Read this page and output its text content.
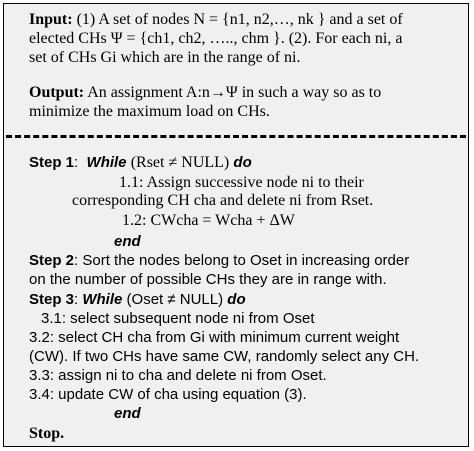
Input: (1) A set of nodes N = {n1, n2,…, nk } and a set of
elected CHs Ψ = {ch1, ch2, ….., chm }. (2). For each ni, a
set of CHs Gi which are in the range of ni.
Output: An assignment A:n→Ψ in such a way so as to
minimize the maximum load on CHs.
Step 1:  While (Rset ≠ NULL) do
1.1: Assign successive node ni to their
corresponding CH cha and delete ni from Rset.
1.2: CWcha = Wcha + ΔW
end
Step 2: Sort the nodes belong to Oset in increasing order
on the number of possible CHs they are in range with.
Step 3: While (Oset ≠ NULL) do
3.1: select subsequent node ni from Oset
3.2: select CH cha from Gi with minimum current weight
(CW). If two CHs have same CW, randomly select any CH.
3.3: assign ni to cha and delete ni from Oset.
3.4: update CW of cha using equation (3).
end
Stop.
